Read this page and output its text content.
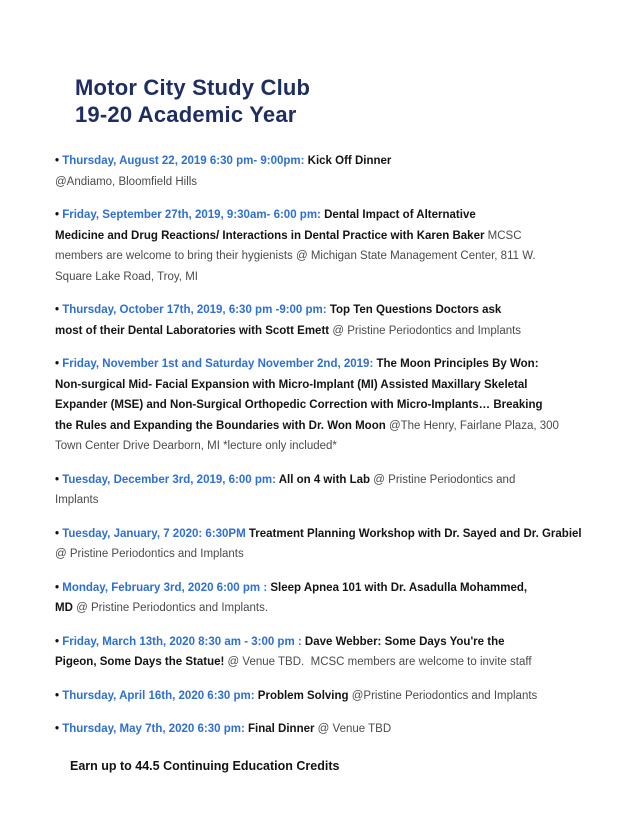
Motor City Study Club
19-20 Academic Year

• Thursday, August 22, 2019 6:30 pm- 9:00pm: Kick Off Dinner
@Andiamo, Bloomfield Hills

• Friday, September 27th, 2019, 9:30am- 6:00 pm: Dental Impact of Alternative
Medicine and Drug Reactions/ Interactions in Dental Practice with Karen Baker MCSC
members are welcome to bring their hygienists @ Michigan State Management Center, 811 W.
Square Lake Road, Troy, MI

• Thursday, October 17th, 2019, 6:30 pm -9:00 pm: Top Ten Questions Doctors ask
most of their Dental Laboratories with Scott Emett @ Pristine Periodontics and Implants

• Friday, November 1st and Saturday November 2nd, 2019: The Moon Principles By Won:
Non-surgical Mid- Facial Expansion with Micro-Implant (MI) Assisted Maxillary Skeletal
Expander (MSE) and Non-Surgical Orthopedic Correction with Micro-Implants… Breaking
the Rules and Expanding the Boundaries with Dr. Won Moon @The Henry, Fairlane Plaza, 300
Town Center Drive Dearborn, MI *lecture only included*

• Tuesday, December 3rd, 2019, 6:00 pm: All on 4 with Lab @ Pristine Periodontics and
Implants

• Tuesday, January, 7 2020: 6:30PM Treatment Planning Workshop with Dr. Sayed and Dr. Grabiel
@ Pristine Periodontics and Implants

• Monday, February 3rd, 2020 6:00 pm : Sleep Apnea 101 with Dr. Asadulla Mohammed,
MD @ Pristine Periodontics and Implants.

• Friday, March 13th, 2020 8:30 am - 3:00 pm : Dave Webber: Some Days You're the
Pigeon, Some Days the Statue! @ Venue TBD.  MCSC members are welcome to invite staff

• Thursday, April 16th, 2020 6:30 pm: Problem Solving @Pristine Periodontics and Implants

• Thursday, May 7th, 2020 6:30 pm: Final Dinner @ Venue TBD

Earn up to 44.5 Continuing Education Credits
